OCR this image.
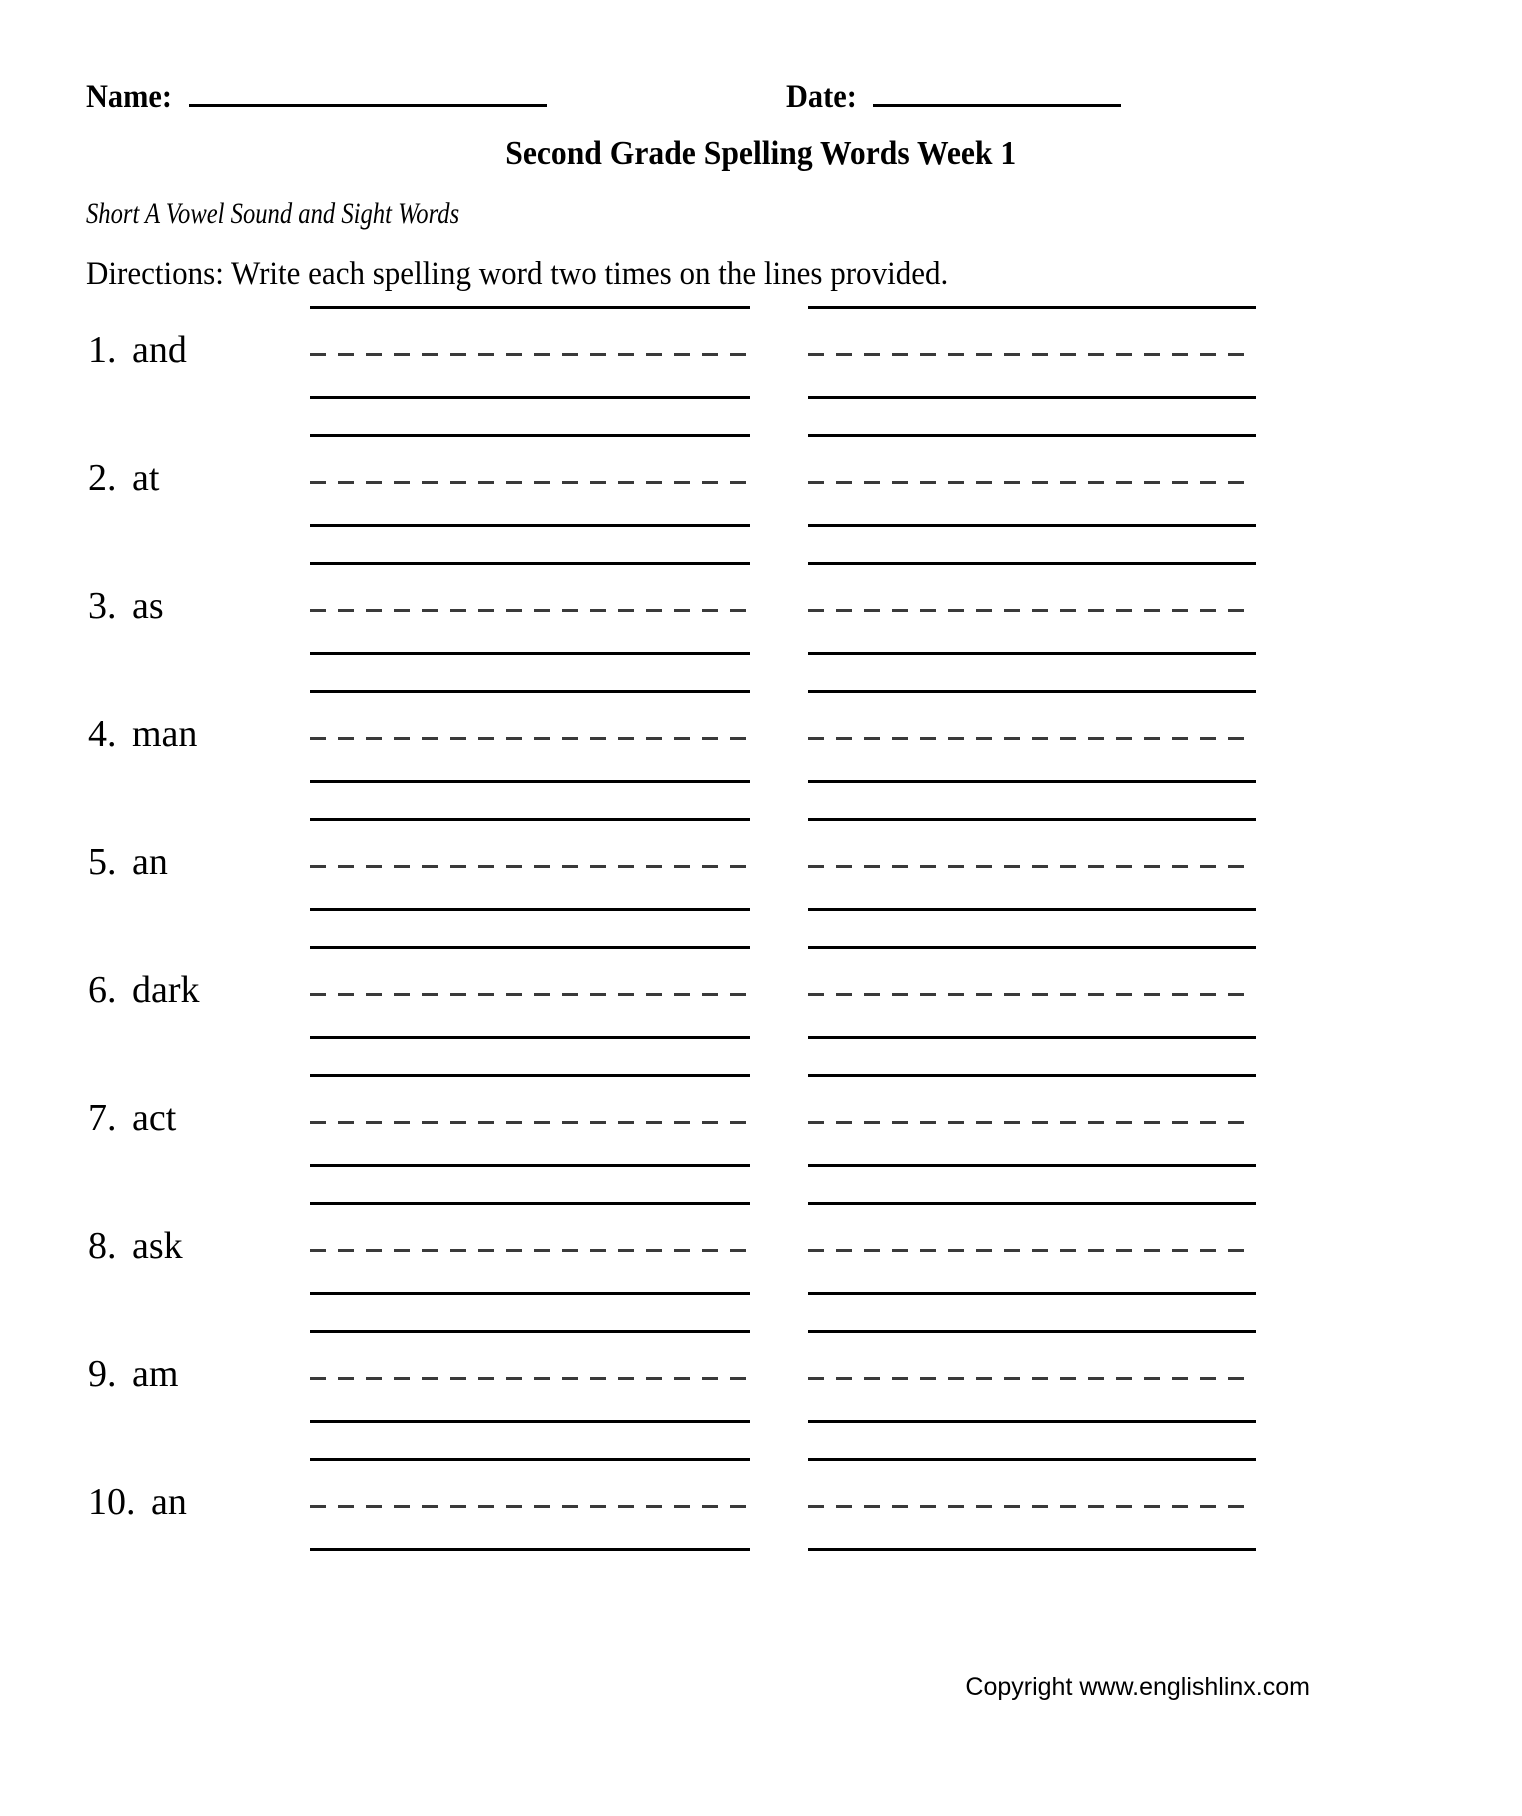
Name:	Date:
Second Grade Spelling Words Week 1
Short A Vowel Sound and Sight Words
Directions: Write each spelling word two times on the lines provided.
1. and
2. at
3. as
4. man
5. an
6. dark
7. act
8. ask
9. am
10. an
Copyright www.englishlinx.com
